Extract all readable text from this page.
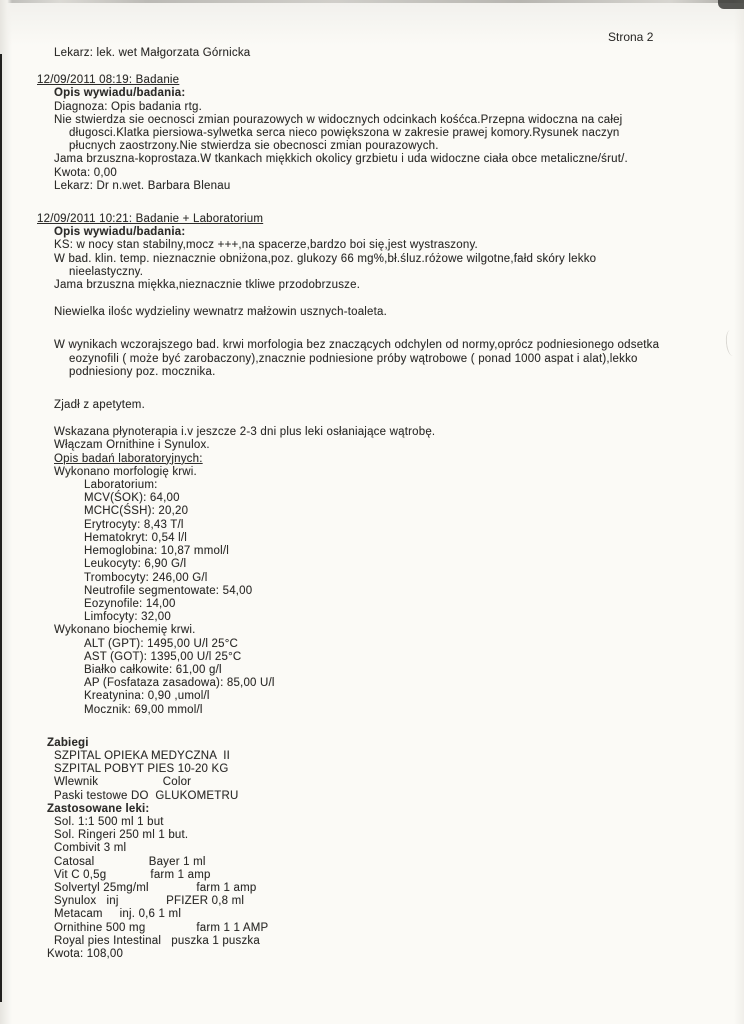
Strona 2
Lekarz: lek. wet Małgorzata Górnicka
12/09/2011 08:19: Badanie
Opis wywiadu/badania:
Diagnoza: Opis badania rtg.
Nie stwierdza sie oecnosci zmian pourazowych w widocznych odcinkach kośćca.Przepna widoczna na całej
długosci.Klatka piersiowa-sylwetka serca nieco powiększona w zakresie prawej komory.Rysunek naczyn
płucnych zaostrzony.Nie stwierdza sie obecnosci zmian pourazowych.
Jama brzuszna-koprostaza.W tkankach miękkich okolicy grzbietu i uda widoczne ciała obce metaliczne/śrut/.
Kwota: 0,00
Lekarz: Dr n.wet. Barbara Blenau
12/09/2011 10:21: Badanie + Laboratorium
Opis wywiadu/badania:
KS: w nocy stan stabilny,mocz +++,na spacerze,bardzo boi się,jest wystraszony.
W bad. klin. temp. nieznacznie obniżona,poz. glukozy 66 mg%,bł.śluz.różowe wilgotne,fałd skóry lekko
nieelastyczny.
Jama brzuszna miękka,nieznacznie tkliwe przodobrzusze.
Niewielka ilośc wydzieliny wewnatrz małżowin usznych-toaleta.
W wynikach wczorajszego bad. krwi morfologia bez znaczących odchylen od normy,oprócz podniesionego odsetka
eozynofili ( może być zarobaczony),znacznie podniesione próby wątrobowe ( ponad 1000 aspat i alat),lekko
podniesiony poz. mocznika.
Zjadł z apetytem.
Wskazana płynoterapia i.v jeszcze 2-3 dni plus leki osłaniające wątrobę.
Włączam Ornithine i Synulox.
Opis badań laboratoryjnych:
Wykonano morfologię krwi.
Laboratorium:
MCV(ŚOK): 64,00
MCHC(ŚSH): 20,20
Erytrocyty: 8,43 T/l
Hematokryt: 0,54 l/l
Hemoglobina: 10,87 mmol/l
Leukocyty: 6,90 G/l
Trombocyty: 246,00 G/l
Neutrofile segmentowate: 54,00
Eozynofile: 14,00
Limfocyty: 32,00
Wykonano biochemię krwi.
ALT (GPT): 1495,00 U/l 25°C
AST (GOT): 1395,00 U/l 25°C
Białko całkowite: 61,00 g/l
AP (Fosfataza zasadowa): 85,00 U/l
Kreatynina: 0,90 ,umol/l
Mocznik: 69,00 mmol/l
Zabiegi
SZPITAL OPIEKA MEDYCZNA  II
SZPITAL POBYT PIES 10-20 KG
Wlewnik                   Color
Paski testowe DO  GLUKOMETRU
Zastosowane leki:
Sol. 1:1 500 ml 1 but
Sol. Ringeri 250 ml 1 but.
Combivit 3 ml
Catosal                Bayer 1 ml
Vit C 0,5g             farm 1 amp
Solvertyl 25mg/ml              farm 1 amp
Synulox   inj              PFIZER 0,8 ml
Metacam     inj. 0,6 1 ml
Ornithine 500 mg               farm 1 1 AMP
Royal pies Intestinal   puszka 1 puszka
Kwota: 108,00
